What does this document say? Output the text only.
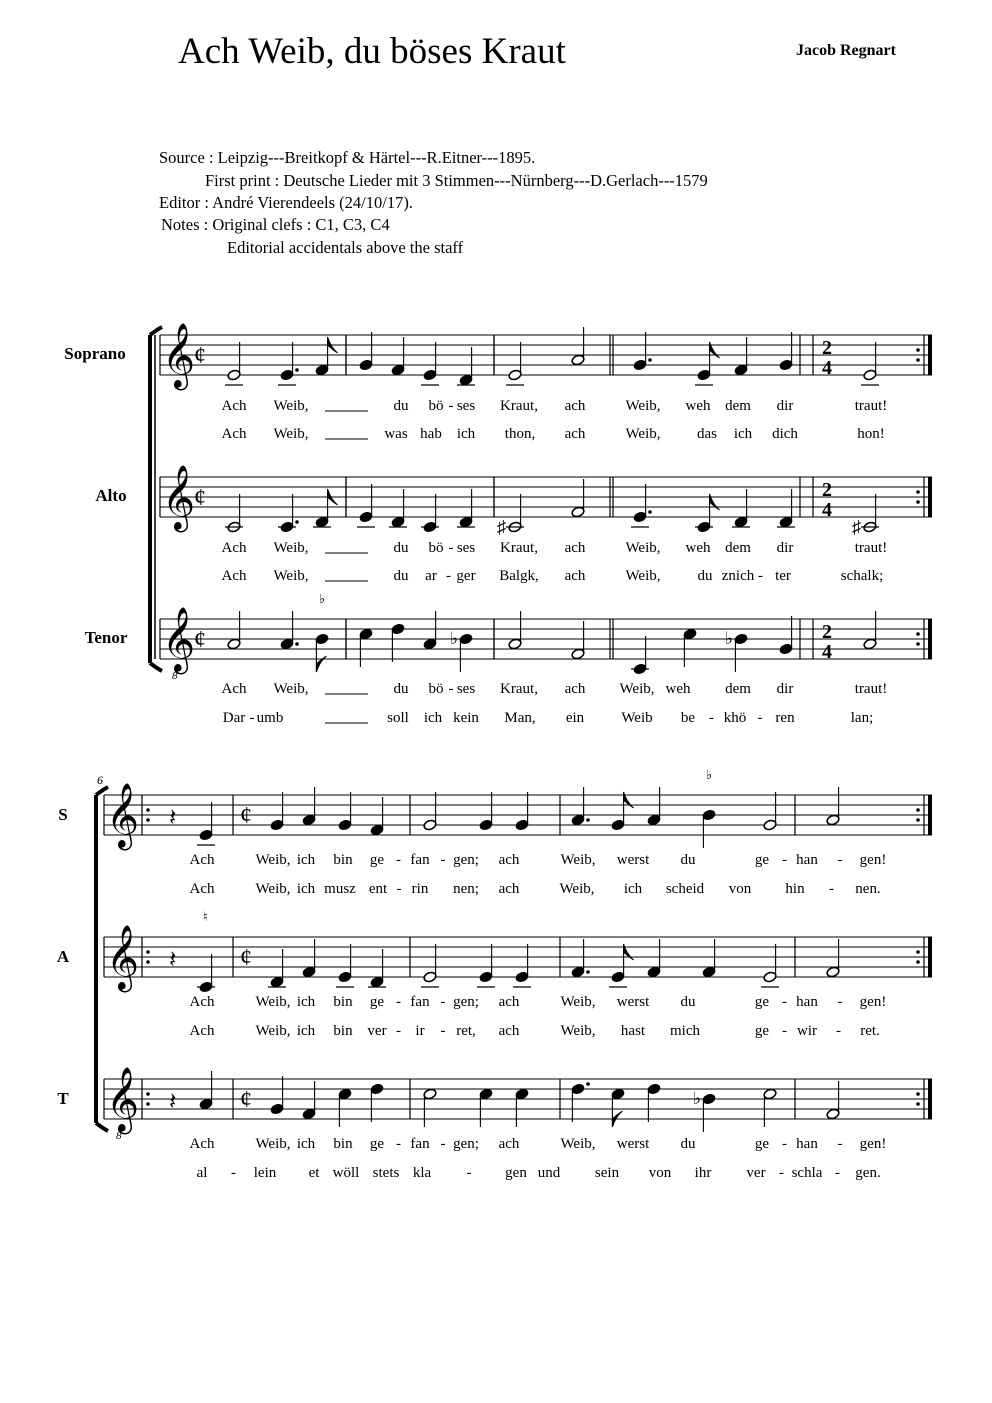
Ach Weib, du böses Kraut	Jacob Regnart
Source : Leipzig---Breitkopf & Härtel---R.Eitner---1895.
First print : Deutsche Lieder mit 3 Stimmen---Nürnberg---D.Gerlach---1579
Editor : André Vierendeels (24/10/17).
Notes : Original clefs : C1, C3, C4
Editorial accidentals above the staff
Soprano 𝄞
¢	2
4
Alto 𝄞
¢	2
4
♯	♯
Tenor 𝄞
8
¢	2
4
♭
♭	♭
Ach Weib,	du bö - ses Kraut, ach	Weib, weh dem dir	traut!
Ach Weib,	was hab ich thon, ach	Weib, das ich dich	hon!
Ach Weib,	du bö - ses Kraut, ach	Weib, weh dem dir	traut!
Ach Weib,	du ar - ger Balgk, ach	Weib, du znich - ter	schalk;
Ach Weib,	du bö - ses Kraut, ach Weib, weh dem dir	traut!
Dar - umb	soll ich kein Man, ein Weib be - khö - ren	lan;
6
S 𝄞	¢
𝄽
♭
A 𝄞	¢
𝄽
♮
T 𝄞
8
¢
𝄽	♭
Ach	Weib, ich bin ge - fan - gen; ach	Weib, werst du	ge - han - gen!
Ach	Weib, ich musz ent - rin nen; ach	Weib, ich scheid von hin - nen.
Ach	Weib, ich bin ge - fan - gen; ach	Weib, werst du	ge - han - gen!
Ach	Weib, ich bin ver - ir - ret, ach	Weib, hast mich	ge - wir - ret.
Ach	Weib, ich bin ge - fan - gen; ach	Weib, werst du	ge - han - gen!
al - lein et wöll stets kla - gen und sein von ihr ver - schla - gen.
